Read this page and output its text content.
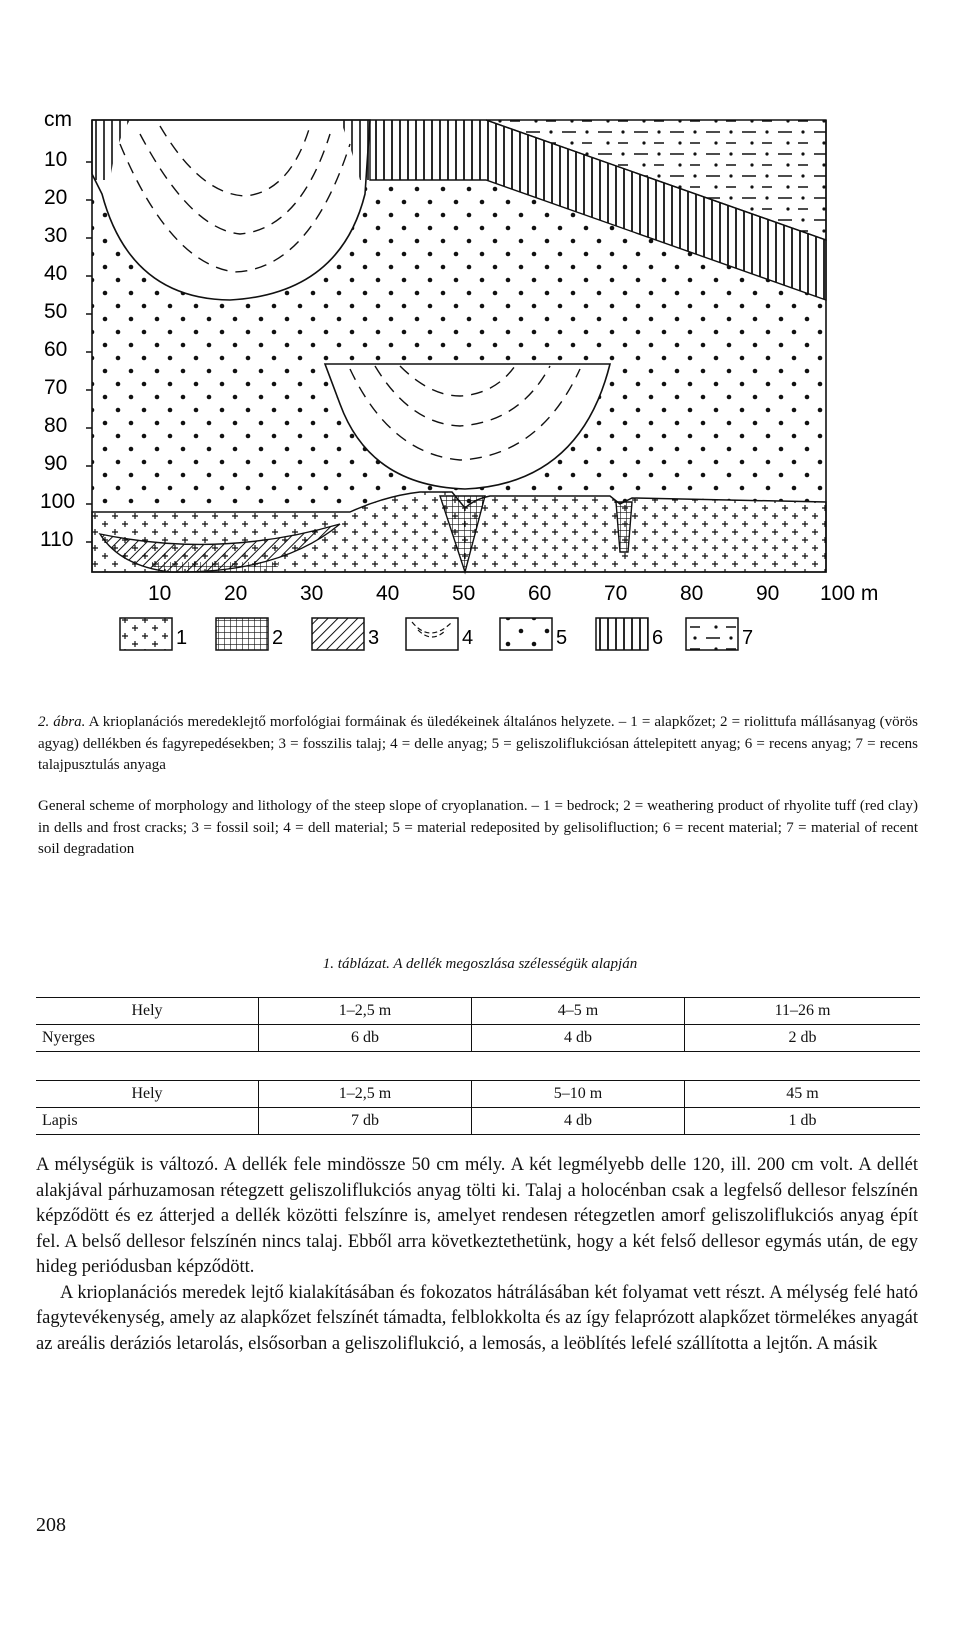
cm
10
20
30
40
50
60
70
80
90
100
110
10	20	30	40	50	60	70	80	90 100 m
1	2	3	4	5	6	7
2. ábra. A krioplanációs meredeklejtő morfológiai formáinak és üledékeinek általános helyzete. – 1 = alapkőzet; 2 = riolittufa mállásanyag (vörös agyag) dellékben és fagyrepedésekben; 3 = fosszilis talaj; 4 = delle anyag; 5 = geliszoliflukciósan áttelepitett anyag; 6 = recens anyag; 7 = recens talajpusztulás anyaga
General scheme of morphology and lithology of the steep slope of cryoplanation. – 1 = bedrock; 2 = weathering product of rhyolite tuff (red clay) in dells and frost cracks; 3 = fossil soil; 4 = dell material; 5 = material redeposited by gelisolifluction; 6 = recent material; 7 = material of recent soil degradation
1. táblázat. A dellék megoszlása szélességük alapján
Hely	1–2,5 m	4–5 m	11–26 m
Nyerges	6 db	4 db	2 db
Hely	1–2,5 m	5–10 m	45 m
Lapis	7 db	4 db	1 db

A mélységük is változó. A dellék fele mindössze 50 cm mély. A két legmélyebb delle 120, ill. 200 cm volt. A dellét alakjával párhuzamosan rétegzett geliszoliflukciós anyag tölti ki. Talaj a holocénban csak a legfelső dellesor felszínén képződött és ez átterjed a dellék közötti felszínre is, amelyet rendesen rétegzetlen amorf geliszoliflukciós anyag épít fel. A belső dellesor felszínén nincs talaj. Ebből arra következtethetünk, hogy a két felső dellesor egymás után, de egy hideg periódusban képződött.

A krioplanációs meredek lejtő kialakításában és fokozatos hátrálásában két folyamat vett részt. A mélység felé ható fagytevékenység, amely az alapkőzet felszínét támadta, felblokkolta és az így felaprózott alapkőzet törmelékes anyagát az areális deráziós letarolás, elsősorban a geliszoliflukció, a lemosás, a leöblítés lefelé szállította a lejtőn. A másik

208
